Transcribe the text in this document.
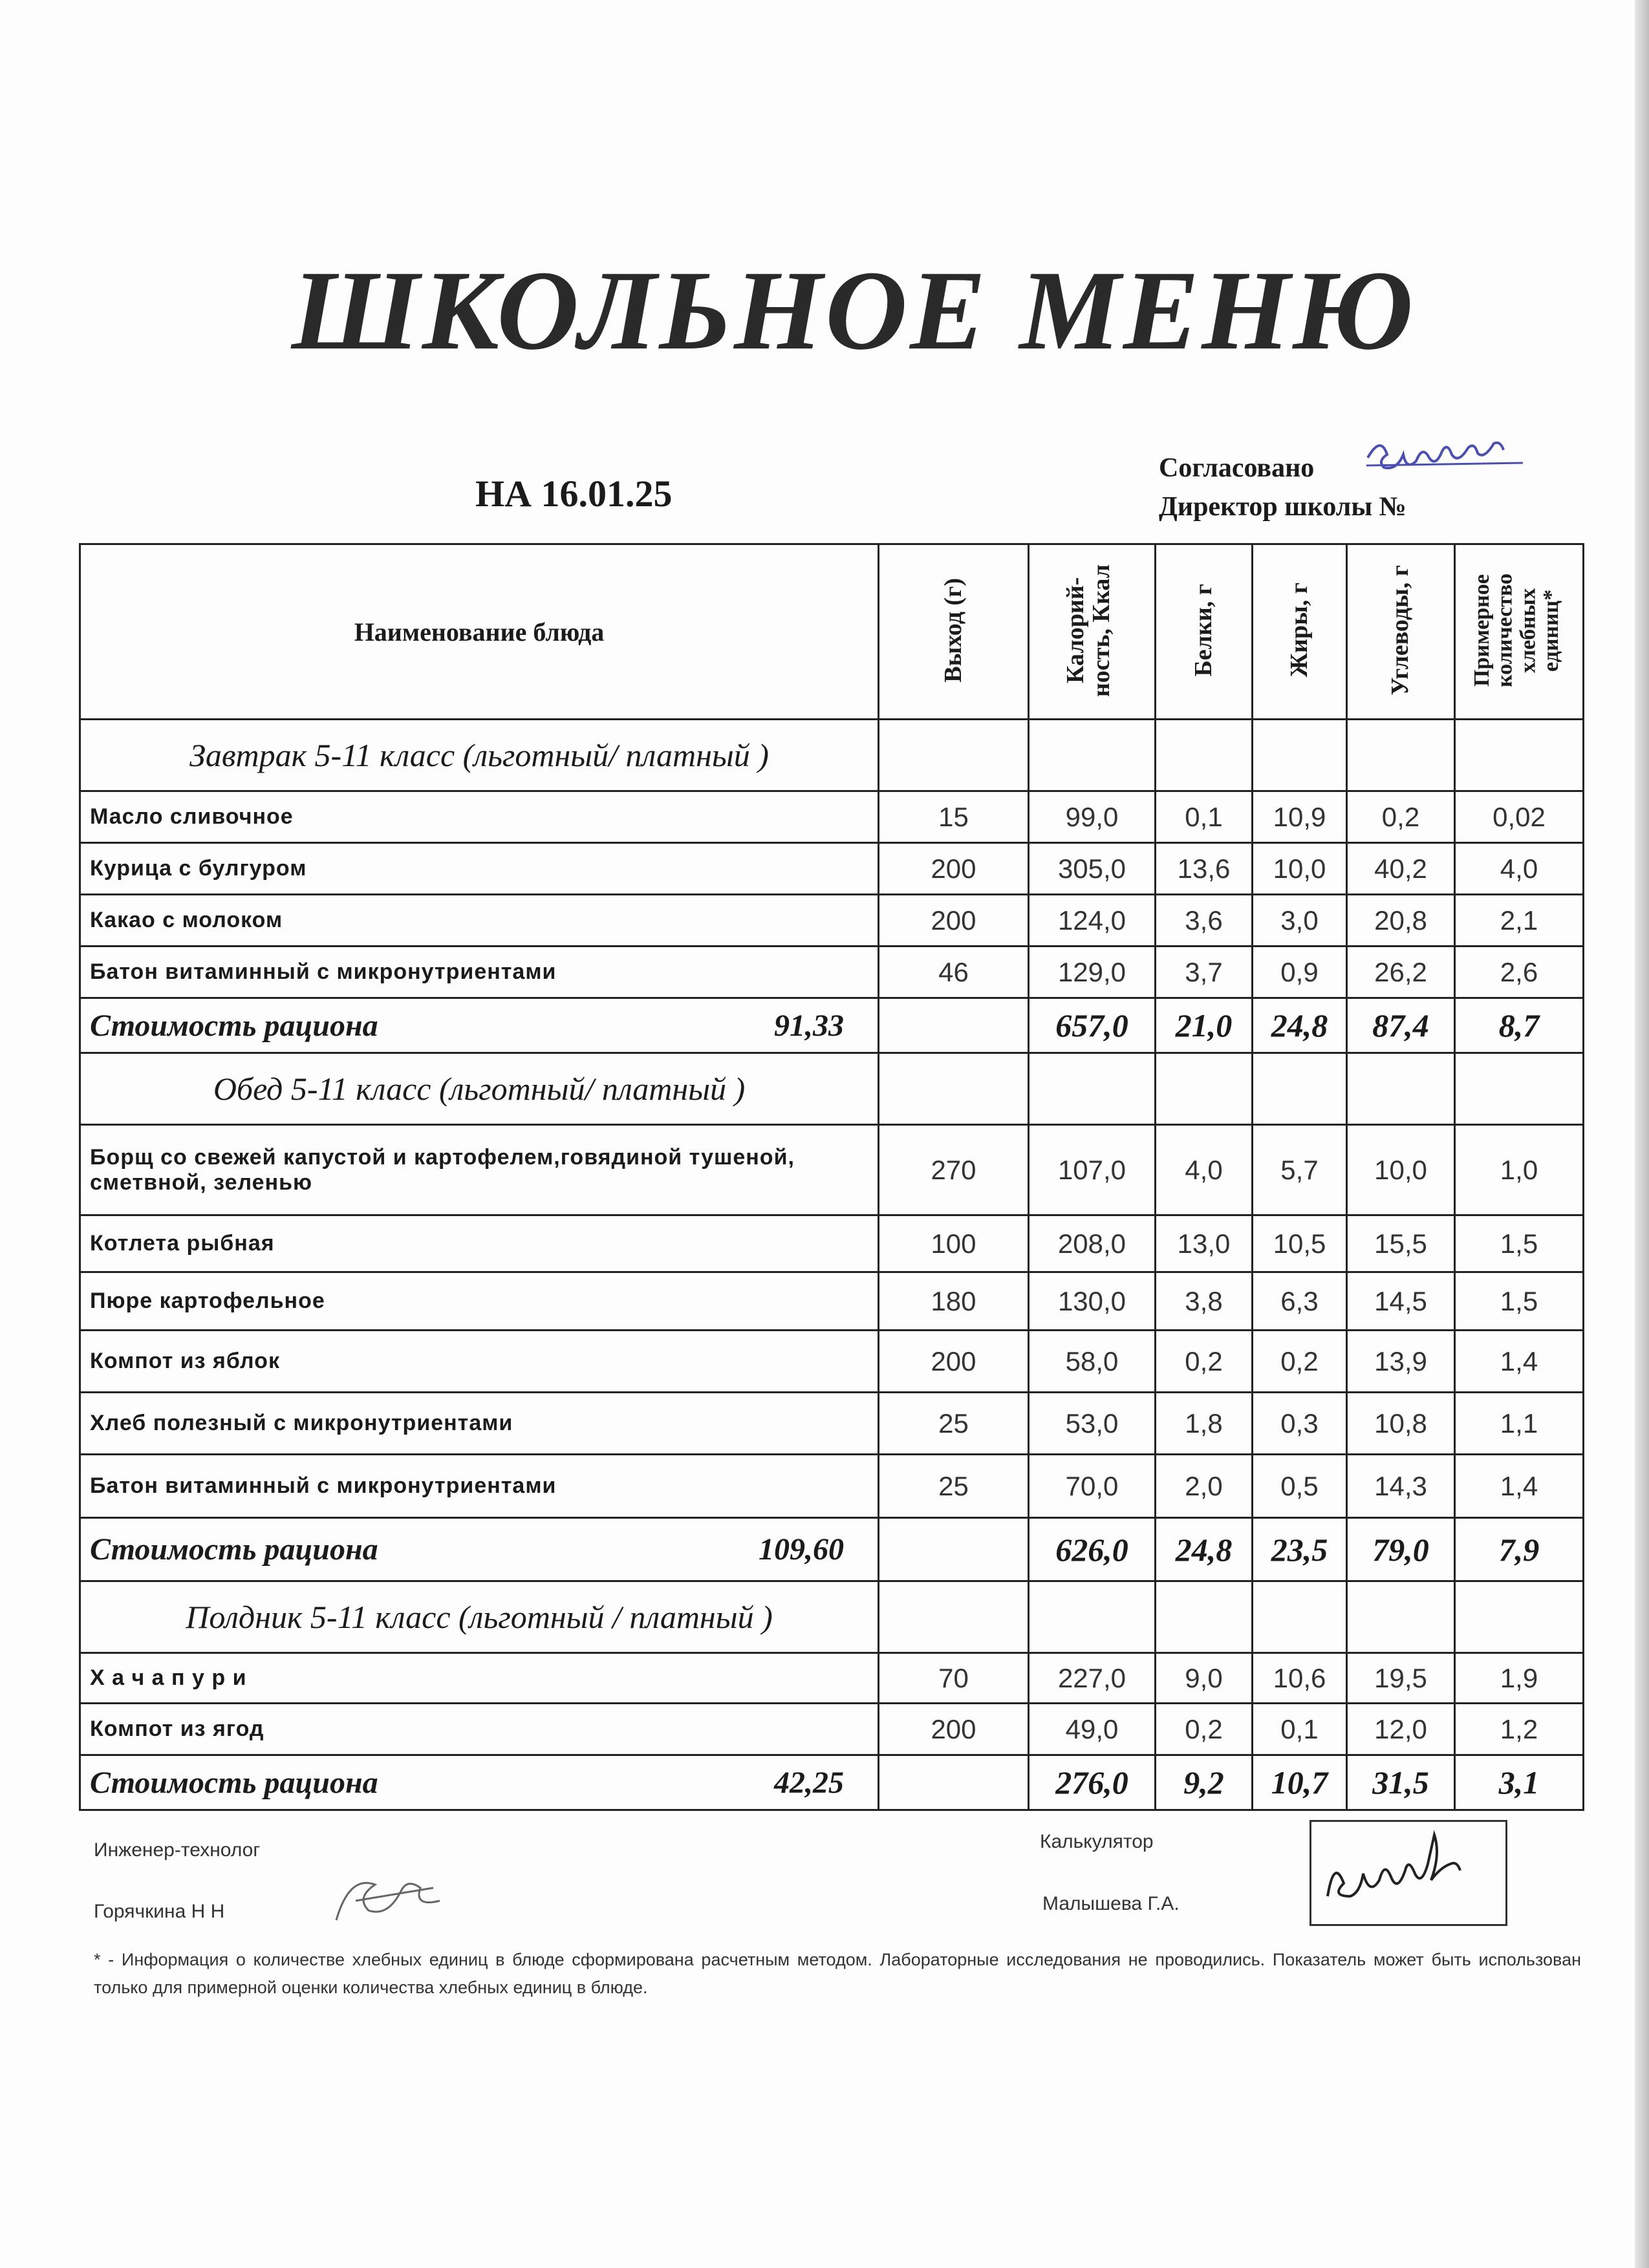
ШКОЛЬНОЕ МЕНЮ
НА 16.01.25
Согласовано
Директор школы №
Наименование блюда	Выход (г)	Калорий-ность, Ккал	Белки, г	Жиры, г	Углеводы, г	Примерное количество хлебных единиц*
Завтрак 5-11 класс (льготный/ платный )						
Масло сливочное	15	99,0	0,1	10,9	0,2	0,02
Курица с булгуром	200	305,0	13,6	10,0	40,2	4,0
Какао с молоком	200	124,0	3,6	3,0	20,8	2,1
Батон витаминный с микронутриентами	46	129,0	3,7	0,9	26,2	2,6

Стоимость рациона 91,33		657,0	21,0	24,8	87,4	8,7
Обед 5-11 класс (льготный/ платный )						
Борщ со свежей капустой и картофелем,говядиной тушеной, сметвной, зеленью	270	107,0	4,0	5,7	10,0	1,0
Котлета рыбная	100	208,0	13,0	10,5	15,5	1,5
Пюре картофельное	180	130,0	3,8	6,3	14,5	1,5
Компот из яблок	200	58,0	0,2	0,2	13,9	1,4
Хлеб полезный с микронутриентами	25	53,0	1,8	0,3	10,8	1,1
Батон витаминный с микронутриентами	25	70,0	2,0	0,5	14,3	1,4

Стоимость рациона 109,60		626,0	24,8	23,5	79,0	7,9
Полдник 5-11 класс (льготный / платный )						
Х а ч а п у р и	70	227,0	9,0	10,6	19,5	1,9
Компот из ягод	200	49,0	0,2	0,1	12,0	1,2

Стоимость рациона 42,25		276,0	9,2	10,7	31,5	3,1
Инженер-технолог
Горячкина Н Н
Калькулятор
Малышева Г.А.
* - Информация о количестве хлебных единиц в блюде сформирована расчетным методом. Лабораторные исследования не проводились. Показатель может быть использован только для примерной оценки количества хлебных единиц в блюде.
